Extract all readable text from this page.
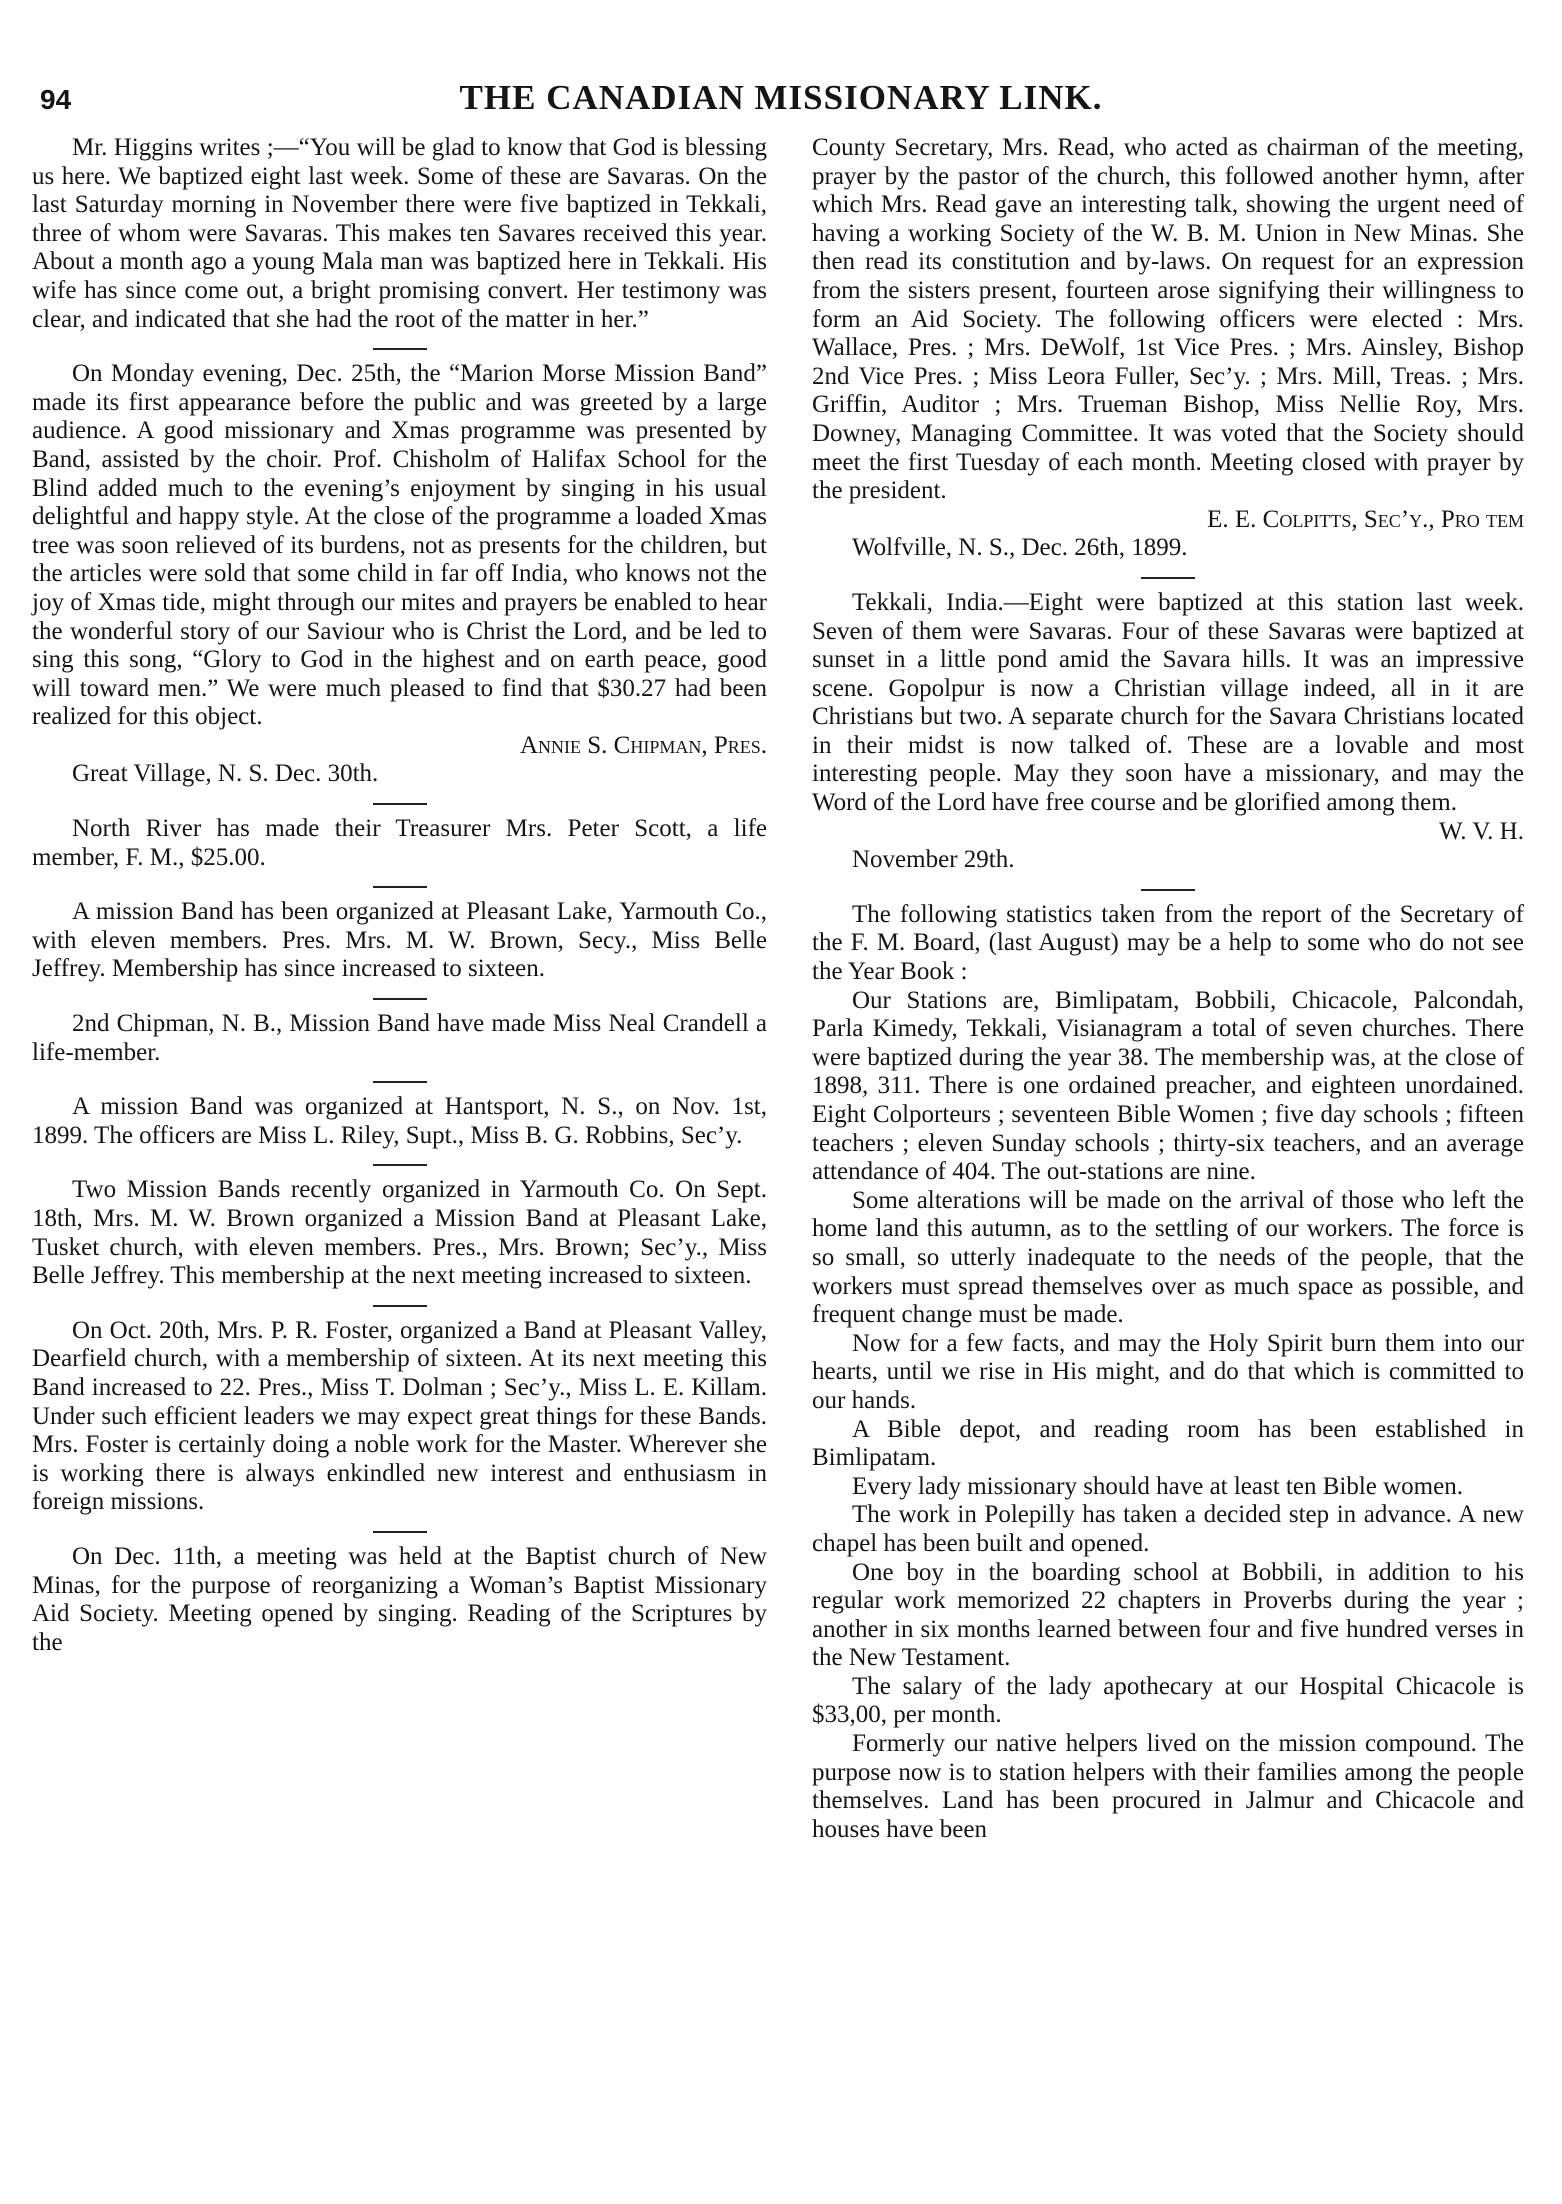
94	THE CANADIAN MISSIONARY LINK.

Mr. Higgins writes ;—“You will be glad to know that God is blessing us here. We baptized eight last week. Some of these are Savaras. On the last Saturday morning in November there were five baptized in Tekkali, three of whom were Savaras. This makes ten Savares received this year. About a month ago a young Mala man was baptized here in Tekkali. His wife has since come out, a bright promising convert. Her testimony was clear, and indicated that she had the root of the matter in her.”

On Monday evening, Dec. 25th, the “Marion Morse Mission Band” made its first appearance before the public and was greeted by a large audience. A good missionary and Xmas programme was presented by Band, assisted by the choir. Prof. Chisholm of Halifax School for the Blind added much to the evening’s enjoyment by singing in his usual delightful and happy style. At the close of the programme a loaded Xmas tree was soon relieved of its burdens, not as presents for the children, but the articles were sold that some child in far off India, who knows not the joy of Xmas tide, might through our mites and prayers be enabled to hear the wonderful story of our Saviour who is Christ the Lord, and be led to sing this song, “Glory to God in the highest and on earth peace, good will toward men.” We were much pleased to find that $30.27 had been realized for this object.

Annie S. Chipman, Pres.

Great Village, N. S. Dec. 30th.

North River has made their Treasurer Mrs. Peter Scott, a life member, F. M., $25.00.

A mission Band has been organized at Pleasant Lake, Yarmouth Co., with eleven members. Pres. Mrs. M. W. Brown, Secy., Miss Belle Jeffrey. Membership has since increased to sixteen.

2nd Chipman, N. B., Mission Band have made Miss Neal Crandell a life-member.

A mission Band was organized at Hantsport, N. S., on Nov. 1st, 1899. The officers are Miss L. Riley, Supt., Miss B. G. Robbins, Sec’y.

Two Mission Bands recently organized in Yarmouth Co. On Sept. 18th, Mrs. M. W. Brown organized a Mission Band at Pleasant Lake, Tusket church, with eleven members. Pres., Mrs. Brown; Sec’y., Miss Belle Jeffrey. This membership at the next meeting increased to sixteen.

On Oct. 20th, Mrs. P. R. Foster, organized a Band at Pleasant Valley, Dearfield church, with a membership of sixteen. At its next meeting this Band increased to 22. Pres., Miss T. Dolman ; Sec’y., Miss L. E. Killam. Under such efficient leaders we may expect great things for these Bands. Mrs. Foster is certainly doing a noble work for the Master. Wherever she is working there is always enkindled new interest and enthusiasm in foreign missions.

On Dec. 11th, a meeting was held at the Baptist church of New Minas, for the purpose of reorganizing a Woman’s Baptist Missionary Aid Society. Meeting opened by singing. Reading of the Scriptures by the

County Secretary, Mrs. Read, who acted as chairman of the meeting, prayer by the pastor of the church, this followed another hymn, after which Mrs. Read gave an interesting talk, showing the urgent need of having a working Society of the W. B. M. Union in New Minas. She then read its constitution and by-laws. On request for an expression from the sisters present, fourteen arose signifying their willingness to form an Aid Society. The following officers were elected : Mrs. Wallace, Pres. ; Mrs. DeWolf, 1st Vice Pres. ; Mrs. Ainsley, Bishop 2nd Vice Pres. ; Miss Leora Fuller, Sec’y. ; Mrs. Mill, Treas. ; Mrs. Griffin, Auditor ; Mrs. Trueman Bishop, Miss Nellie Roy, Mrs. Downey, Managing Committee. It was voted that the Society should meet the first Tuesday of each month. Meeting closed with prayer by the president.

E. E. Colpitts, Sec’y., Pro tem

Wolfville, N. S., Dec. 26th, 1899.

Tekkali, India.—Eight were baptized at this station last week. Seven of them were Savaras. Four of these Savaras were baptized at sunset in a little pond amid the Savara hills. It was an impressive scene. Gopolpur is now a Christian village indeed, all in it are Christians but two. A separate church for the Savara Christians located in their midst is now talked of. These are a lovable and most interesting people. May they soon have a missionary, and may the Word of the Lord have free course and be glorified among them.

W. V. H.

November 29th.

The following statistics taken from the report of the Secretary of the F. M. Board, (last August) may be a help to some who do not see the Year Book :

Our Stations are, Bimlipatam, Bobbili, Chicacole, Palcondah, Parla Kimedy, Tekkali, Visianagram a total of seven churches. There were baptized during the year 38. The membership was, at the close of 1898, 311. There is one ordained preacher, and eighteen unordained. Eight Colporteurs ; seventeen Bible Women ; five day schools ; fifteen teachers ; eleven Sunday schools ; thirty-six teachers, and an average attendance of 404. The out-stations are nine.

Some alterations will be made on the arrival of those who left the home land this autumn, as to the settling of our workers. The force is so small, so utterly inadequate to the needs of the people, that the workers must spread themselves over as much space as possible, and frequent change must be made.

Now for a few facts, and may the Holy Spirit burn them into our hearts, until we rise in His might, and do that which is committed to our hands.

A Bible depot, and reading room has been established in Bimlipatam.

Every lady missionary should have at least ten Bible women.

The work in Polepilly has taken a decided step in advance. A new chapel has been built and opened.

One boy in the boarding school at Bobbili, in addition to his regular work memorized 22 chapters in Proverbs during the year ; another in six months learned between four and five hundred verses in the New Testament.

The salary of the lady apothecary at our Hospital Chicacole is $33,00, per month.

Formerly our native helpers lived on the mission compound. The purpose now is to station helpers with their families among the people themselves. Land has been procured in Jalmur and Chicacole and houses have been
